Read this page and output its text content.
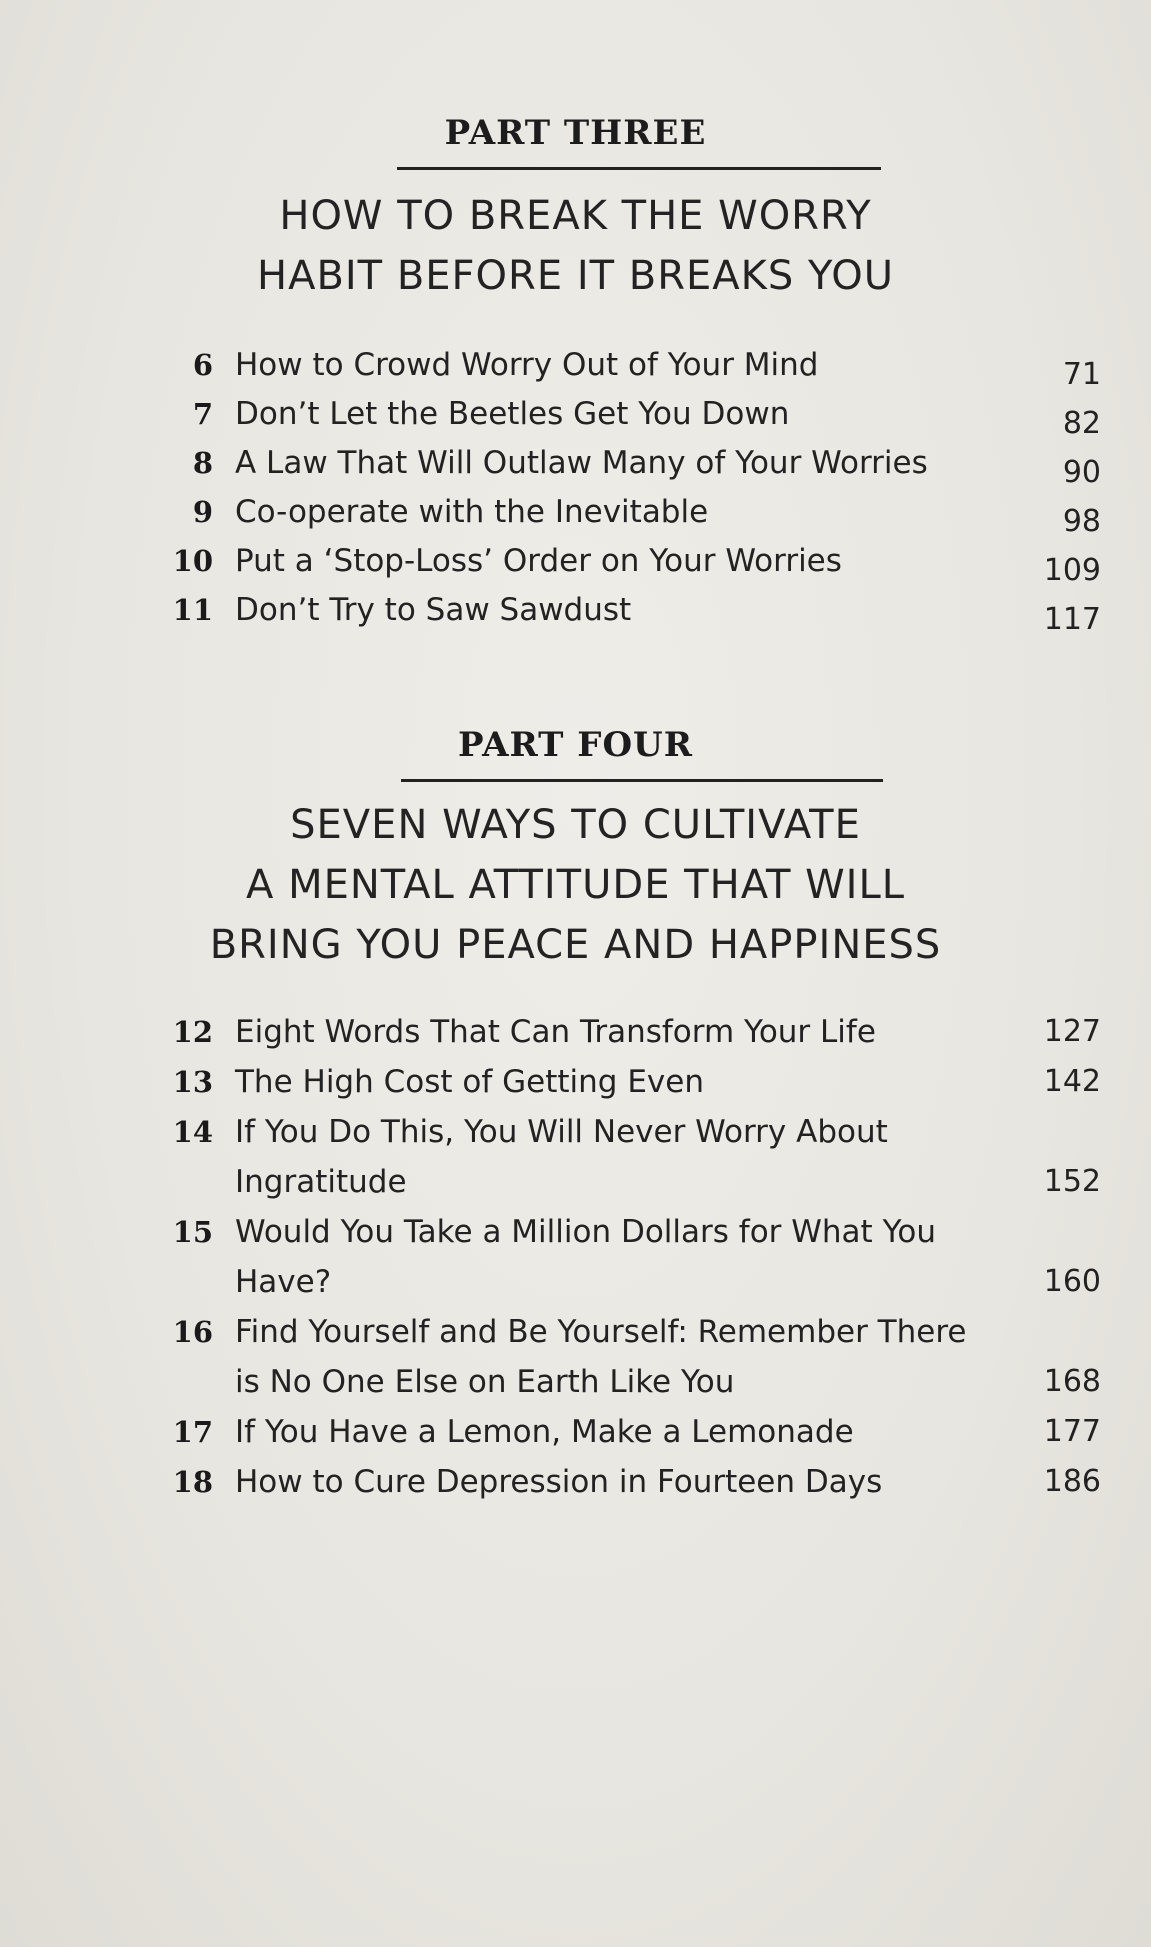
PART THREE
HOW TO BREAK THE WORRY
HABIT BEFORE IT BREAKS YOU
6 How to Crowd Worry Out of Your Mind	71
7 Don’t Let the Beetles Get You Down	82
8 A Law That Will Outlaw Many of Your Worries	90
9 Co-operate with the Inevitable	98
10 Put a ‘Stop-Loss’ Order on Your Worries	109
11 Don’t Try to Saw Sawdust	117
PART FOUR
SEVEN WAYS TO CULTIVATE
A MENTAL ATTITUDE THAT WILL
BRING YOU PEACE AND HAPPINESS
12 Eight Words That Can Transform Your Life	127
13 The High Cost of Getting Even	142
14 If You Do This, You Will Never Worry About
Ingratitude	152
15 Would You Take a Million Dollars for What You
Have?	160
16 Find Yourself and Be Yourself: Remember There
is No One Else on Earth Like You	168
17 If You Have a Lemon, Make a Lemonade	177
18 How to Cure Depression in Fourteen Days	186
